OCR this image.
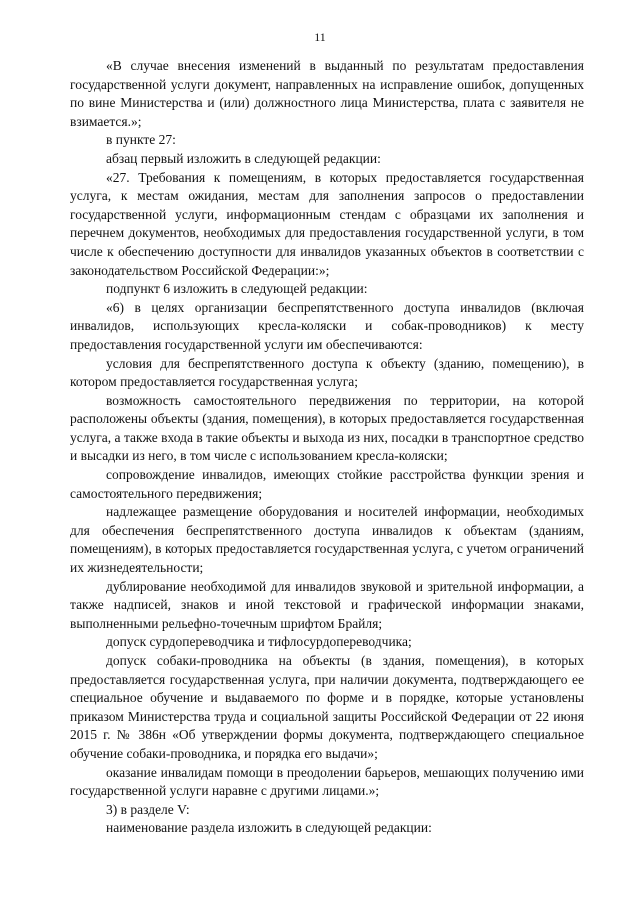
11

«В случае внесения изменений в выданный по результатам предоставления государственной услуги документ, направленных на исправление ошибок, допущенных по вине Министерства и (или) должностного лица Министерства, плата с заявителя не взимается.»;

в пункте 27:

абзац первый изложить в следующей редакции:

«27. Требования к помещениям, в которых предоставляется государственная услуга, к местам ожидания, местам для заполнения запросов о предоставлении государственной услуги, информационным стендам с образцами их заполнения и перечнем документов, необходимых для предоставления государственной услуги, в том числе к обеспечению доступности для инвалидов указанных объектов в соответствии с законодательством Российской Федерации:»;

подпункт 6 изложить в следующей редакции:

«6) в целях организации беспрепятственного доступа инвалидов (включая инвалидов, использующих кресла-коляски и собак-проводников) к месту предоставления государственной услуги им обеспечиваются:

условия для беспрепятственного доступа к объекту (зданию, помещению), в котором предоставляется государственная услуга;

возможность самостоятельного передвижения по территории, на которой расположены объекты (здания, помещения), в которых предоставляется государственная услуга, а также входа в такие объекты и выхода из них, посадки в транспортное средство и высадки из него, в том числе с использованием кресла-коляски;

сопровождение инвалидов, имеющих стойкие расстройства функции зрения и самостоятельного передвижения;

надлежащее размещение оборудования и носителей информации, необходимых для обеспечения беспрепятственного доступа инвалидов к объектам (зданиям, помещениям), в которых предоставляется государственная услуга, с учетом ограничений их жизнедеятельности;

дублирование необходимой для инвалидов звуковой и зрительной информации, а также надписей, знаков и иной текстовой и графической информации знаками, выполненными рельефно-точечным шрифтом Брайля;

допуск сурдопереводчика и тифлосурдопереводчика;

допуск собаки-проводника на объекты (в здания, помещения), в которых предоставляется государственная услуга, при наличии документа, подтверждающего ее специальное обучение и выдаваемого по форме и в порядке, которые установлены приказом Министерства труда и социальной защиты Российской Федерации от 22 июня 2015 г. № 386н «Об утверждении формы документа, подтверждающего специальное обучение собаки-проводника, и порядка его выдачи»;

оказание инвалидам помощи в преодолении барьеров, мешающих получению ими государственной услуги наравне с другими лицами.»;

3) в разделе V:

наименование раздела изложить в следующей редакции:
